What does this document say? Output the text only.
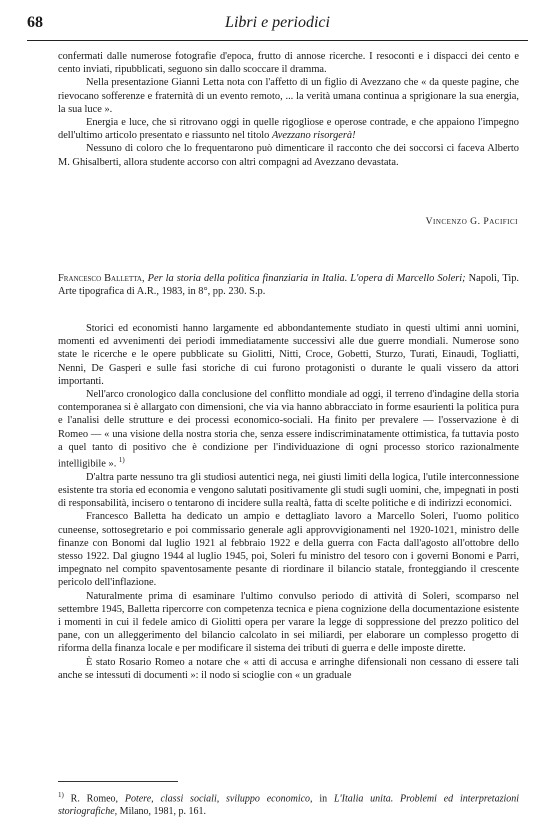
68	Libri e periodici

confermati dalle numerose fotografie d'epoca, frutto di annose ricerche. I resoconti e i dispacci dei cento e cento inviati, ripubblicati, seguono sin dallo scoccare il dramma.

Nella presentazione Gianni Letta nota con l'affetto di un figlio di Avezzano che « da queste pagine, che rievocano sofferenze e fraternità di un evento remoto, ... la verità umana continua a sprigionare la sua energia, la sua luce ».

Energia e luce, che si ritrovano oggi in quelle rigogliose e operose contrade, e che appaiono l'impegno dell'ultimo articolo presentato e riassunto nel titolo Avezzano risorgerà!

Nessuno di coloro che lo frequentarono può dimenticare il racconto che dei soccorsi ci faceva Alberto M. Ghisalberti, allora studente accorso con altri compagni ad Avezzano devastata.

Vincenzo G. Pacifici
Francesco Balletta, Per la storia della politica finanziaria in Italia. L'opera di Marcello Soleri; Napoli, Tip. Arte tipografica di A.R., 1983, in 8°, pp. 230. S.p.

Storici ed economisti hanno largamente ed abbondantemente studiato in questi ultimi anni uomini, momenti ed avvenimenti dei periodi immediatamente successivi alle due guerre mondiali. Numerose sono state le ricerche e le opere pubblicate su Giolitti, Nitti, Croce, Gobetti, Sturzo, Turati, Einaudi, Togliatti, Nenni, De Gasperi e sulle fasi storiche di cui furono protagonisti o durante le quali vissero da attori importanti.

Nell'arco cronologico dalla conclusione del conflitto mondiale ad oggi, il terreno d'indagine della storia contemporanea si è allargato con dimensioni, che via via hanno abbracciato in forme esaurienti la politica pura e l'analisi delle strutture e dei processi economico-sociali. Ha finito per prevalere — l'osservazione è di Romeo — « una visione della nostra storia che, senza essere indiscriminatamente ottimistica, fa tuttavia posto a quel tanto di positivo che è condizione per l'individuazione di ogni processo storico razionalmente intelligibile ». $^{1)}$

D'altra parte nessuno tra gli studiosi autentici nega, nei giusti limiti della logica, l'utile interconnessione esistente tra storia ed economia e vengono salutati positivamente gli studi sugli uomini, che, impegnati in posti di responsabilità, incisero o tentarono di incidere sulla realtà, fatta di scelte politiche e di indirizzi economici.

Francesco Balletta ha dedicato un ampio e dettagliato lavoro a Marcello Soleri, l'uomo politico cuneense, sottosegretario e poi commissario generale agli approvvigionamenti nel 1920-1021, ministro delle finanze con Bonomi dal luglio 1921 al febbraio 1922 e della guerra con Facta dall'agosto all'ottobre dello stesso 1922. Dal giugno 1944 al luglio 1945, poi, Soleri fu ministro del tesoro con i governi Bonomi e Parri, impegnato nel compito spaventosamente pesante di riordinare il bilancio statale, fronteggiando il crescente pericolo dell'inflazione.

Naturalmente prima di esaminare l'ultimo convulso periodo di attività di Soleri, scomparso nel settembre 1945, Balletta ripercorre con competenza tecnica e piena cognizione della documentazione esistente i momenti in cui il fedele amico di Giolitti opera per varare la legge di soppressione del prezzo politico del pane, con un alleggerimento del bilancio calcolato in sei miliardi, per elaborare un complesso progetto di riforma della finanza locale e per modificare il sistema dei tributi di guerra e delle imposte dirette.

È stato Rosario Romeo a notare che « atti di accusa e arringhe difensionali non cessano di essere tali anche se intessuti di documenti »: il nodo si scioglie con « un graduale

$^{1)}$ R. Romeo, Potere, classi sociali, sviluppo economico, in L'Italia unita. Problemi ed interpretazioni storiografiche, Milano, 1981, p. 161.
